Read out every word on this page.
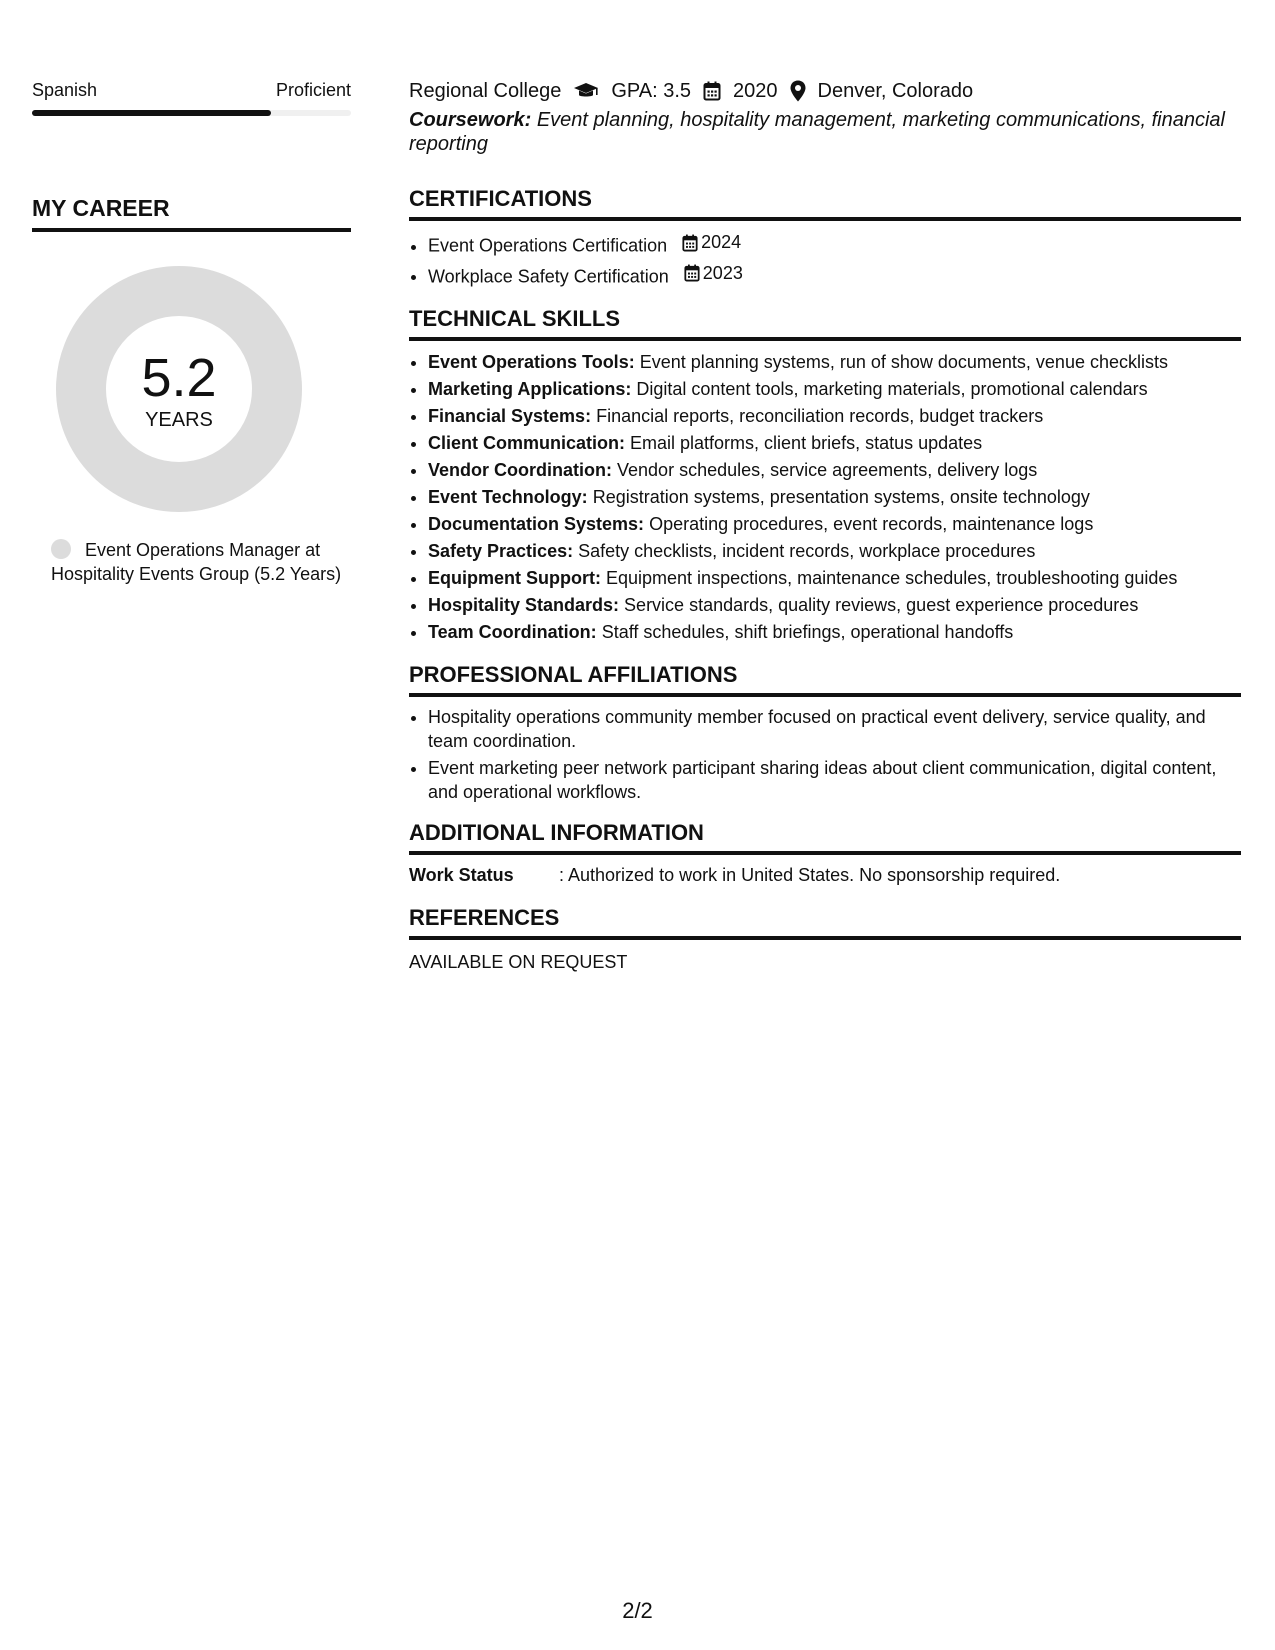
Spanish	Proficient
MY CAREER
5.2
YEARS
Event Operations Manager at Hospitality Events Group (5.2 Years)
Regional College	GPA: 3.5 2020 Denver, Colorado
Coursework: Event planning, hospitality management, marketing communications, financial reporting
CERTIFICATIONS
• Event Operations Certification 2024
• Workplace Safety Certification 2023
TECHNICAL SKILLS
• Event Operations Tools: Event planning systems, run of show documents, venue checklists
• Marketing Applications: Digital content tools, marketing materials, promotional calendars
• Financial Systems: Financial reports, reconciliation records, budget trackers
• Client Communication: Email platforms, client briefs, status updates
• Vendor Coordination: Vendor schedules, service agreements, delivery logs
• Event Technology: Registration systems, presentation systems, onsite technology
• Documentation Systems: Operating procedures, event records, maintenance logs
• Safety Practices: Safety checklists, incident records, workplace procedures
• Equipment Support: Equipment inspections, maintenance schedules, troubleshooting guides
• Hospitality Standards: Service standards, quality reviews, guest experience procedures
• Team Coordination: Staff schedules, shift briefings, operational handoffs
PROFESSIONAL AFFILIATIONS
• Hospitality operations community member focused on practical event delivery, service quality, and team coordination.
• Event marketing peer network participant sharing ideas about client communication, digital content, and operational workflows.
ADDITIONAL INFORMATION
Work Status	: Authorized to work in United States. No sponsorship required.
REFERENCES
AVAILABLE ON REQUEST
2/2
